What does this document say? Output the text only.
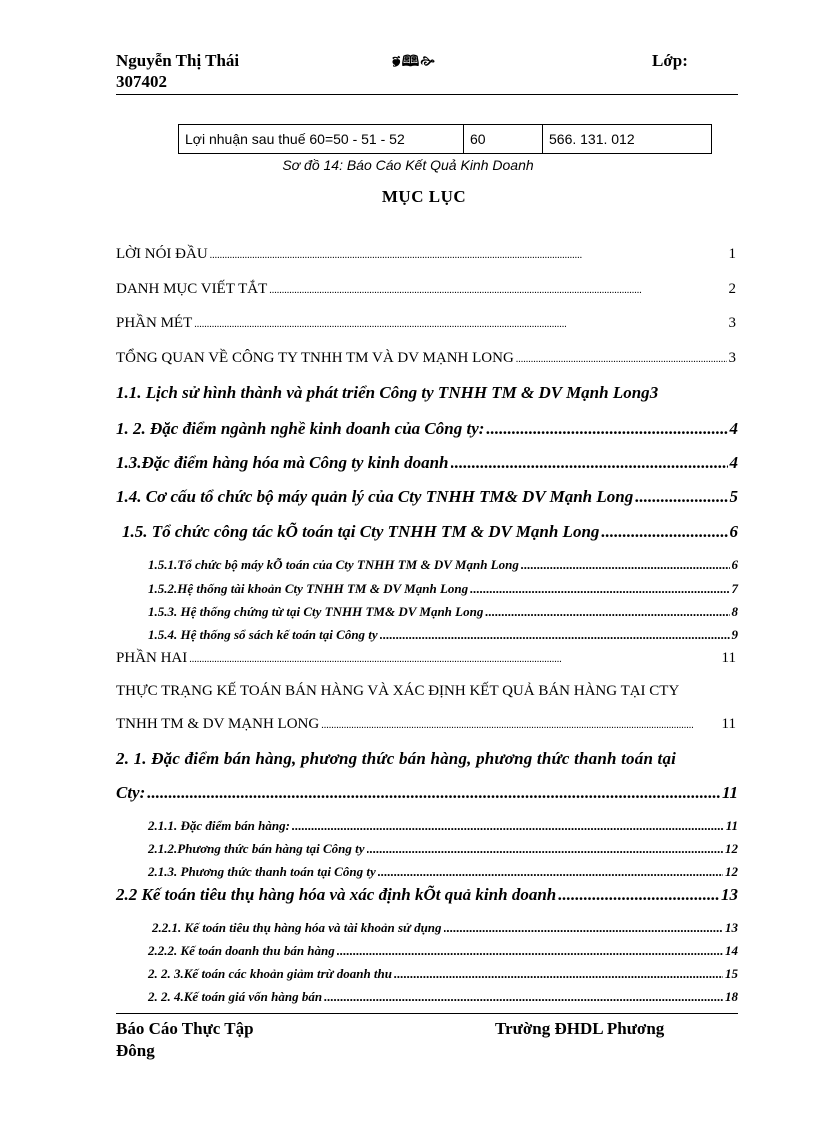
Nguyễn Thị Thái
307402
🙘🕮🙚	Lớp:
Lợi nhuận sau thuế 60=50 - 51 - 52	60	566. 131. 012
Sơ đồ 14: Báo Cáo Kết Quả Kinh Doanh
MỤC LỤC
LỜI NÓI ĐẦU .....	1
DANH MỤC VIẾT TẮT .....	2
PHẦN MÉT .....	3
TỔNG QUAN VỀ CÔNG TY TNHH TM VÀ DV MẠNH LONG .....	3
1.1. Lịch sử hình thành và phát triển Công ty TNHH TM & DV Mạnh Long 3
1. 2. Đặc điểm ngành nghề kinh doanh của Công ty: .....	4
1.3.Đặc điểm hàng hóa mà Công ty kinh doanh .....	4
1.4. Cơ cấu tổ chức bộ máy quản lý của Cty TNHH TM& DV Mạnh Long .....	5
1.5. Tổ chức công tác kÕ toán tại Cty TNHH TM & DV Mạnh Long .....	6
1.5.1.Tổ chức bộ máy kÕ toán của Cty TNHH TM & DV Mạnh Long .....	6
1.5.2.Hệ thống tài khoản Cty TNHH TM & DV Mạnh Long .....	7
1.5.3. Hệ thống chứng từ tại Cty TNHH TM& DV Mạnh Long .....	8
1.5.4. Hệ thống sổ sách kế toán tại Công ty .....	9
PHẦN HAI .....	11
THỰC TRẠNG KẾ TOÁN BÁN HÀNG VÀ XÁC ĐỊNH KẾT QUẢ BÁN HÀNG TẠI CTY
TNHH TM & DV MẠNH LONG .....	11
2. 1. Đặc điểm bán hàng, phương thức bán hàng, phương thức thanh toán tại
Cty: .....	11
2.1.1. Đặc điểm bán hàng: .....	11
2.1.2.Phương thức bán hàng tại Công ty .....	12
2.1.3. Phương thức thanh toán tại Công ty .....	12
2.2 Kế toán tiêu thụ hàng hóa và xác định kÕt quả kinh doanh .....	13
2.2.1. Kế toán tiêu thụ hàng hóa và tài khoản sử dụng .....	13
2.2.2. Kế toán doanh thu bán hàng .....	14
2. 2. 3.Kế toán các khoản giảm trừ doanh thu .....	15
2. 2. 4.Kế toán giá vốn hàng bán .....	18
Báo Cáo Thực Tập
Đông
Trường ĐHDL Phương
